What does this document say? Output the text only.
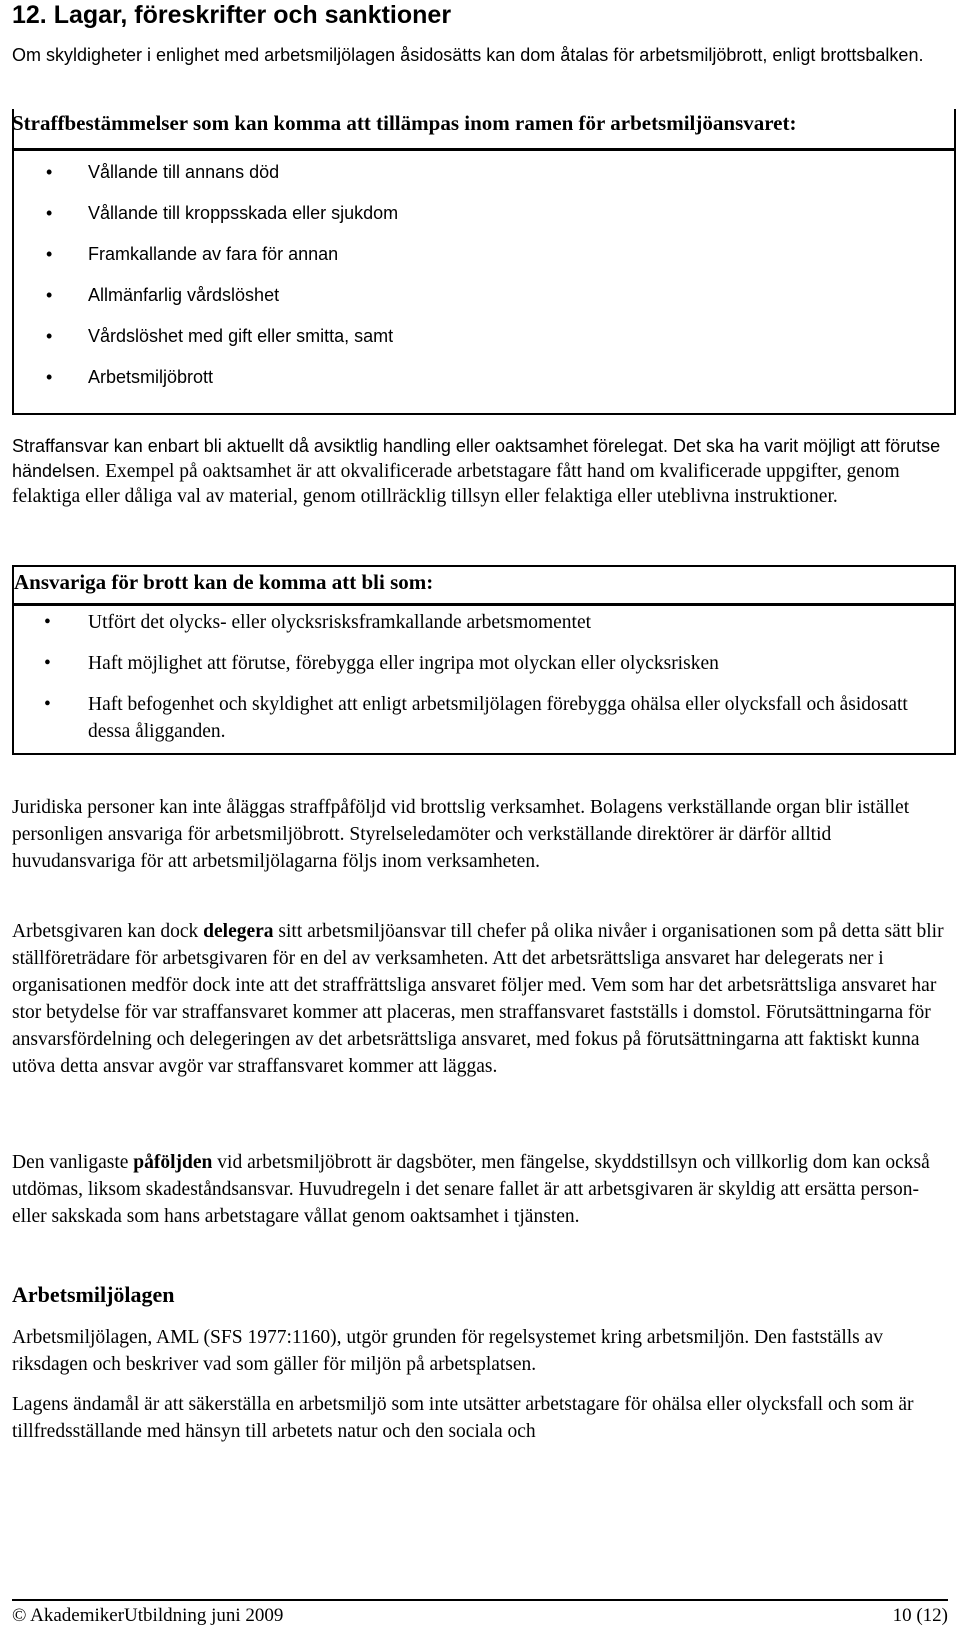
12. Lagar, föreskrifter och sanktioner
Om skyldigheter i enlighet med arbetsmiljölagen åsidosätts kan dom åtalas för arbetsmiljöbrott, enligt brottsbalken.
Straffbestämmelser som kan komma att tillämpas inom ramen för arbetsmiljöansvaret:
• Vållande till annans död
• Vållande till kroppsskada eller sjukdom
• Framkallande av fara för annan
• Allmänfarlig vårdslöshet
• Vårdslöshet med gift eller smitta, samt
• Arbetsmiljöbrott
Straffansvar kan enbart bli aktuellt då avsiktlig handling eller oaktsamhet förelegat. Det ska ha varit möjligt att förutse händelsen. Exempel på oaktsamhet är att okvalificerade arbetstagare fått hand om kvalificerade uppgifter, genom felaktiga eller dåliga val av material, genom otillräcklig tillsyn eller felaktiga eller uteblivna instruktioner.
Ansvariga för brott kan de komma att bli som:
• Utfört det olycks- eller olycksrisksframkallande arbetsmomentet
• Haft möjlighet att förutse, förebygga eller ingripa mot olyckan eller olycksrisken
• Haft befogenhet och skyldighet att enligt arbetsmiljölagen förebygga ohälsa eller olycksfall och åsidosatt dessa åligganden.
Juridiska personer kan inte åläggas straffpåföljd vid brottslig verksamhet. Bolagens verkställande organ blir istället personligen ansvariga för arbetsmiljöbrott. Styrelseledamöter och verkställande direktörer är därför alltid huvudansvariga för att arbetsmiljölagarna följs inom verksamheten.
Arbetsgivaren kan dock delegera sitt arbetsmiljöansvar till chefer på olika nivåer i organisationen som på detta sätt blir ställföreträdare för arbetsgivaren för en del av verksamheten. Att det arbetsrättsliga ansvaret har delegerats ner i organisationen medför dock inte att det straffrättsliga ansvaret följer med. Vem som har det arbetsrättsliga ansvaret har stor betydelse för var straffansvaret kommer att placeras, men straffansvaret fastställs i domstol. Förutsättningarna för ansvarsfördelning och delegeringen av det arbetsrättsliga ansvaret, med fokus på förutsättningarna att faktiskt kunna utöva detta ansvar avgör var straffansvaret kommer att läggas.
Den vanligaste påföljden vid arbetsmiljöbrott är dagsböter, men fängelse, skyddstillsyn och villkorlig dom kan också utdömas, liksom skadeståndsansvar. Huvudregeln i det senare fallet är att arbetsgivaren är skyldig att ersätta person- eller sakskada som hans arbetstagare vållat genom oaktsamhet i tjänsten.
Arbetsmiljölagen
Arbetsmiljölagen, AML (SFS 1977:1160), utgör grunden för regelsystemet kring arbetsmiljön. Den fastställs av riksdagen och beskriver vad som gäller för miljön på arbetsplatsen.
Lagens ändamål är att säkerställa en arbetsmiljö som inte utsätter arbetstagare för ohälsa eller olycksfall och som är tillfredsställande med hänsyn till arbetets natur och den sociala och
© AkademikerUtbildning juni 2009	10 (12)
